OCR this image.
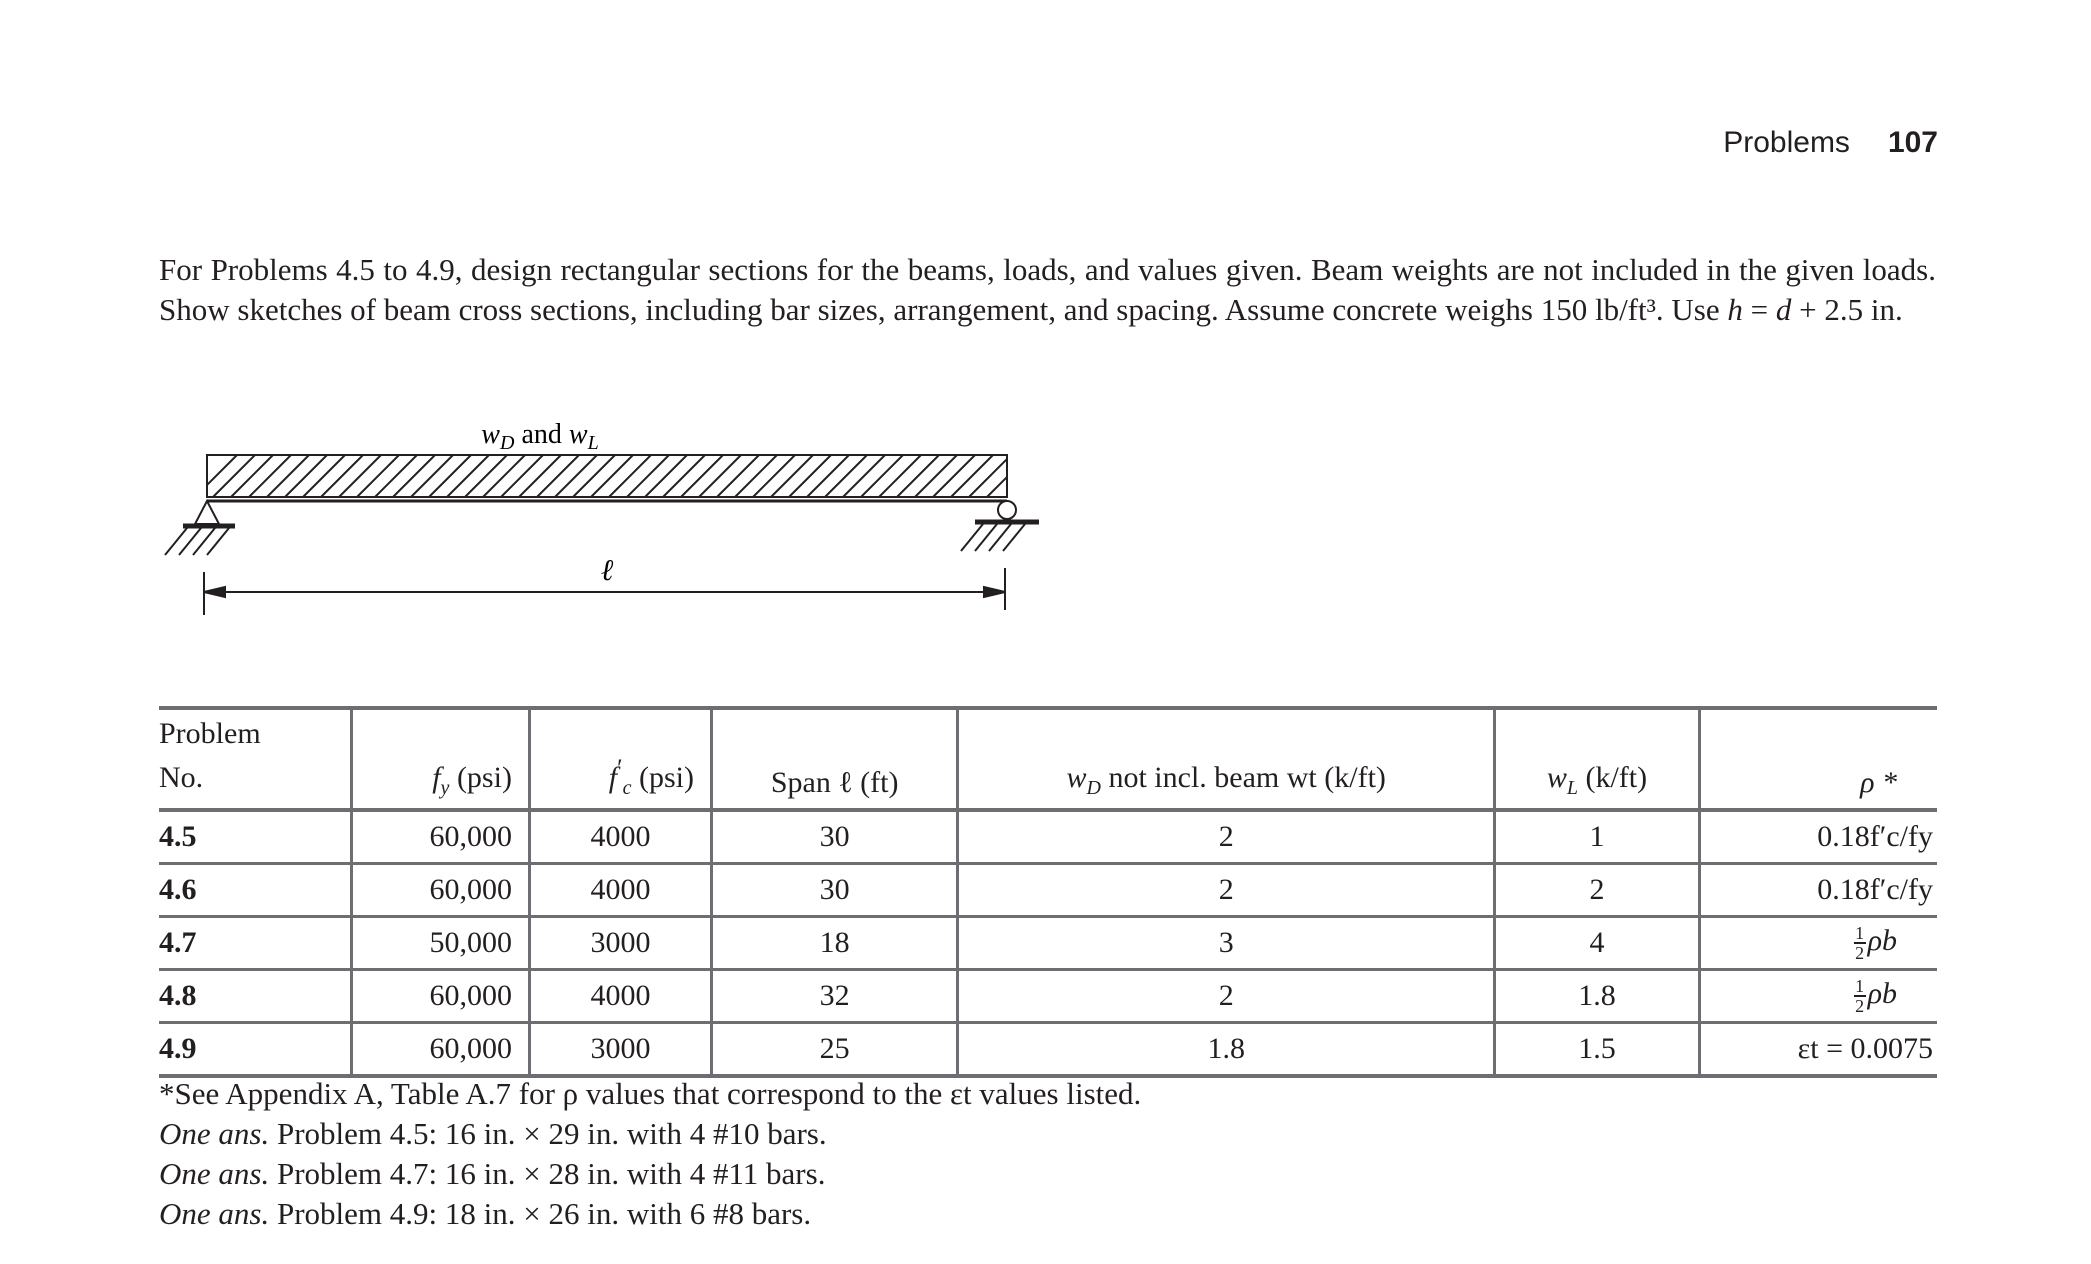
Problems 107
For Problems 4.5 to 4.9, design rectangular sections for the beams, loads, and values given. Beam weights are not included in the given loads. Show sketches of beam cross sections, including bar sizes, arrangement, and spacing. Assume concrete weighs 150 lb/ft³. Use h = d + 2.5 in.
$w_D$ and $w_L$
ℓ
Problem
No.	$f_y$ (psi)	$f'_c$ (psi)	Span ℓ (ft)	$w_D$ not incl. beam wt (k/ft)	$w_L$ (k/ft)	ρ *
4.5	60,000	4000	30	2	1	0.18f′c/fy
4.6	60,000	4000	30	2	2	0.18f′c/fy
4.7	50,000	3000	18	3	4	$\frac{1}{2}$ ρb
4.8	60,000	4000	32	2	1.8	$\frac{1}{2}$ ρb
4.9	60,000	3000	25	1.8	1.5	εt = 0.0075
*See Appendix A, Table A.7 for ρ values that correspond to the εt values listed.
One ans. Problem 4.5: 16 in. × 29 in. with 4 #10 bars.
One ans. Problem 4.7: 16 in. × 28 in. with 4 #11 bars.
One ans. Problem 4.9: 18 in. × 26 in. with 6 #8 bars.
